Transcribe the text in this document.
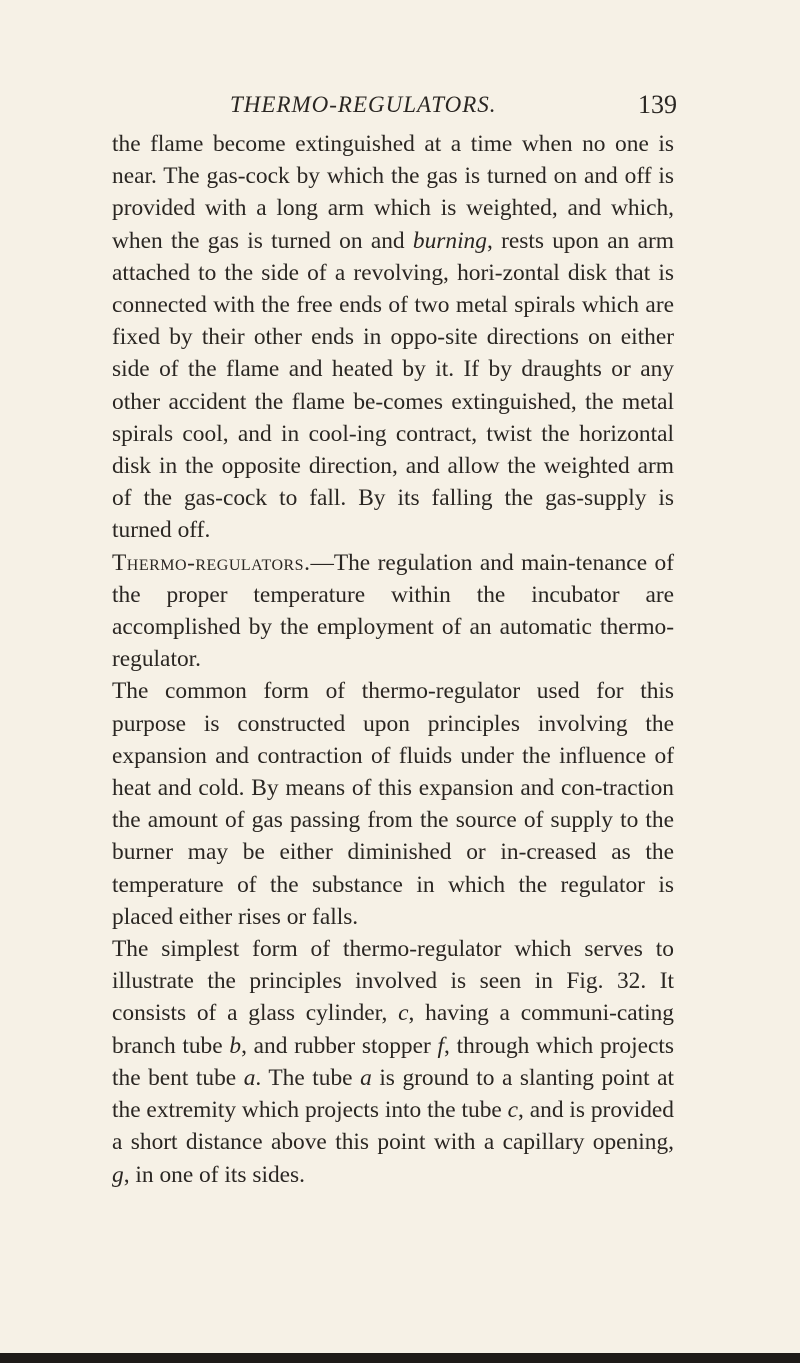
THERMO-REGULATORS.	139

the flame become extinguished at a time when no one is near. The gas-cock by which the gas is turned on and off is provided with a long arm which is weighted, and which, when the gas is turned on and burning, rests upon an arm attached to the side of a revolving, hori-zontal disk that is connected with the free ends of two metal spirals which are fixed by their other ends in oppo-site directions on either side of the flame and heated by it. If by draughts or any other accident the flame be-comes extinguished, the metal spirals cool, and in cool-ing contract, twist the horizontal disk in the opposite direction, and allow the weighted arm of the gas-cock to fall. By its falling the gas-supply is turned off.

Thermo-regulators.—The regulation and main-tenance of the proper temperature within the incubator are accomplished by the employment of an automatic thermo-regulator.

The common form of thermo-regulator used for this purpose is constructed upon principles involving the expansion and contraction of fluids under the influence of heat and cold. By means of this expansion and con-traction the amount of gas passing from the source of supply to the burner may be either diminished or in-creased as the temperature of the substance in which the regulator is placed either rises or falls.

The simplest form of thermo-regulator which serves to illustrate the principles involved is seen in Fig. 32. It consists of a glass cylinder, c, having a communi-cating branch tube b, and rubber stopper f, through which projects the bent tube a. The tube a is ground to a slanting point at the extremity which projects into the tube c, and is provided a short distance above this point with a capillary opening, g, in one of its sides.
